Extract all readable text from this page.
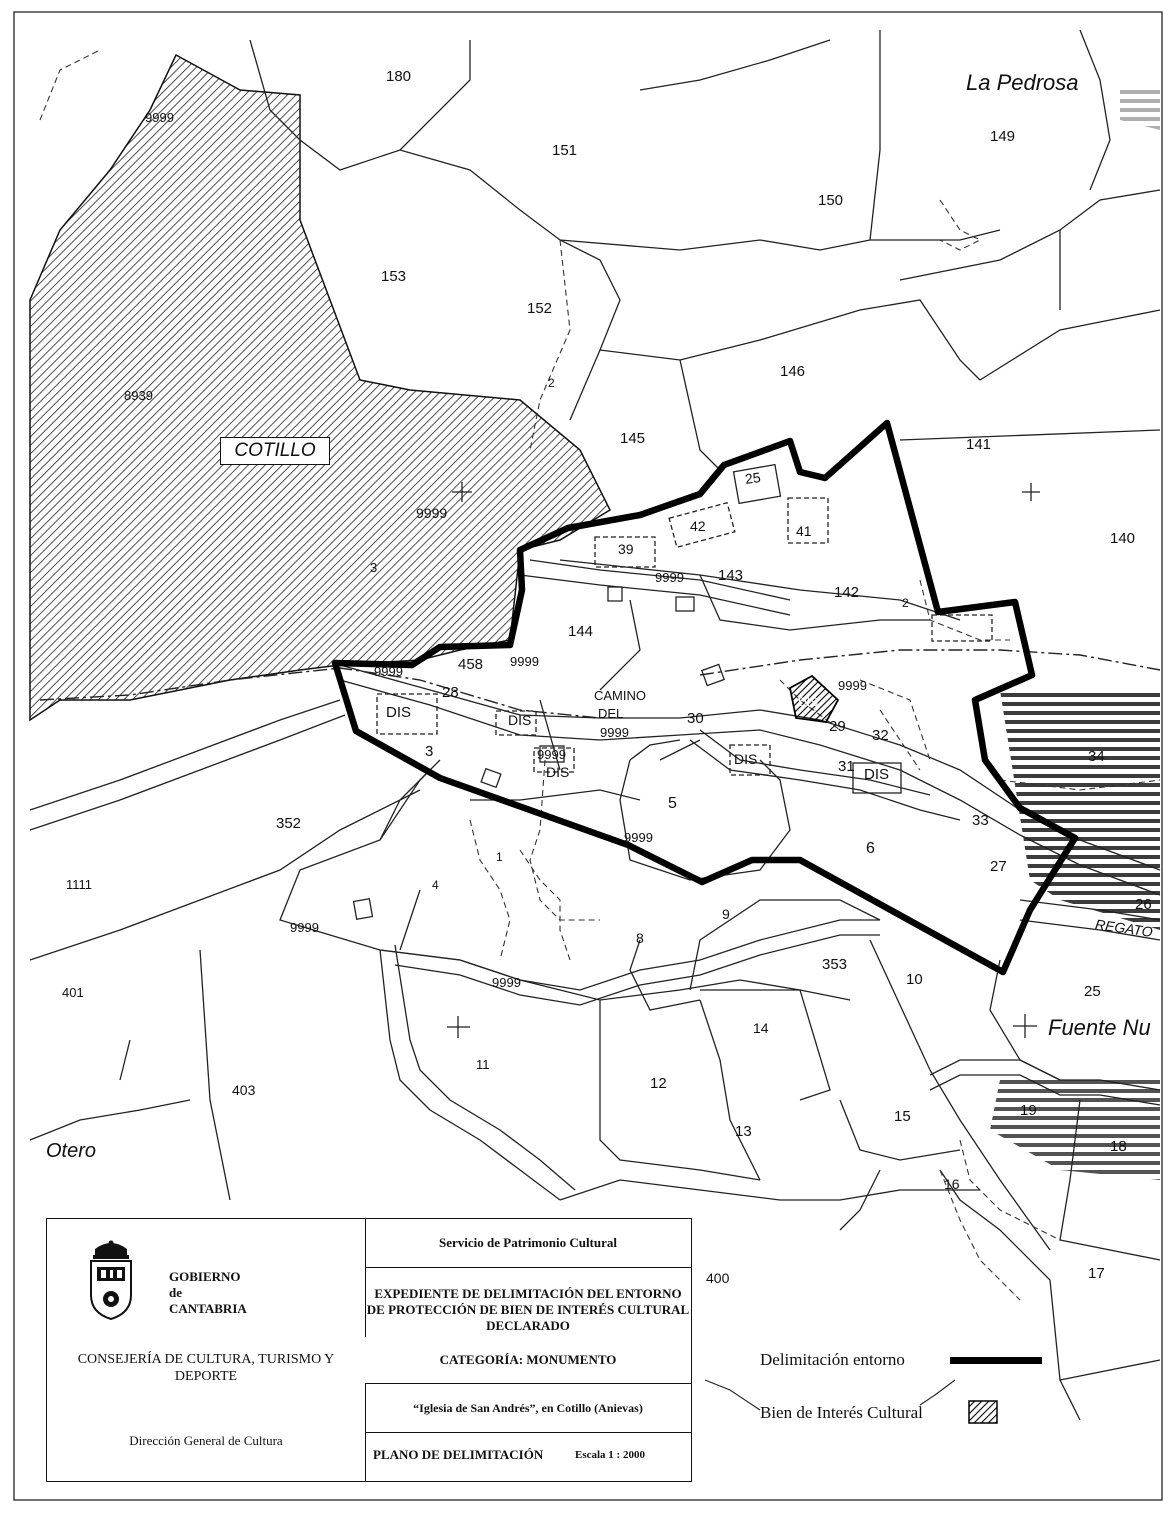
COTILLO
La Pedrosa
Otero
Fuente Nu
CAMINO
DEL
REGATO
180
151
149
150
153
152
146
145	141
140
25
39
42	41
143
142
144
458
28
30	29
32
31
33
34
27
26
5
6
352
8
9
353
10
25
11
12
13
14
15
16
17
18
19
401
403
400
3
4
2
1
9999
3
2
DIS	DIS
DIS
DIS
DIS
DIS
9999
9999
9999
9999
9999
9999
9999
9999
9999
9999
8939
1111
GOBIERNO
de
CANTABRIA
CONSEJERÍA DE CULTURA, TURISMO Y DEPORTE
Dirección General de Cultura
Servicio de Patrimonio Cultural
EXPEDIENTE DE DELIMITACIÓN DEL ENTORNO DE PROTECCIÓN DE BIEN DE INTERÉS CULTURAL DECLARADO
CATEGORÍA: MONUMENTO
“Iglesia de San Andrés”, en Cotillo (Anievas)
PLANO DE DELIMITACIÓN	Escala 1 : 2000
Delimitación entorno
Bien de Interés Cultural
